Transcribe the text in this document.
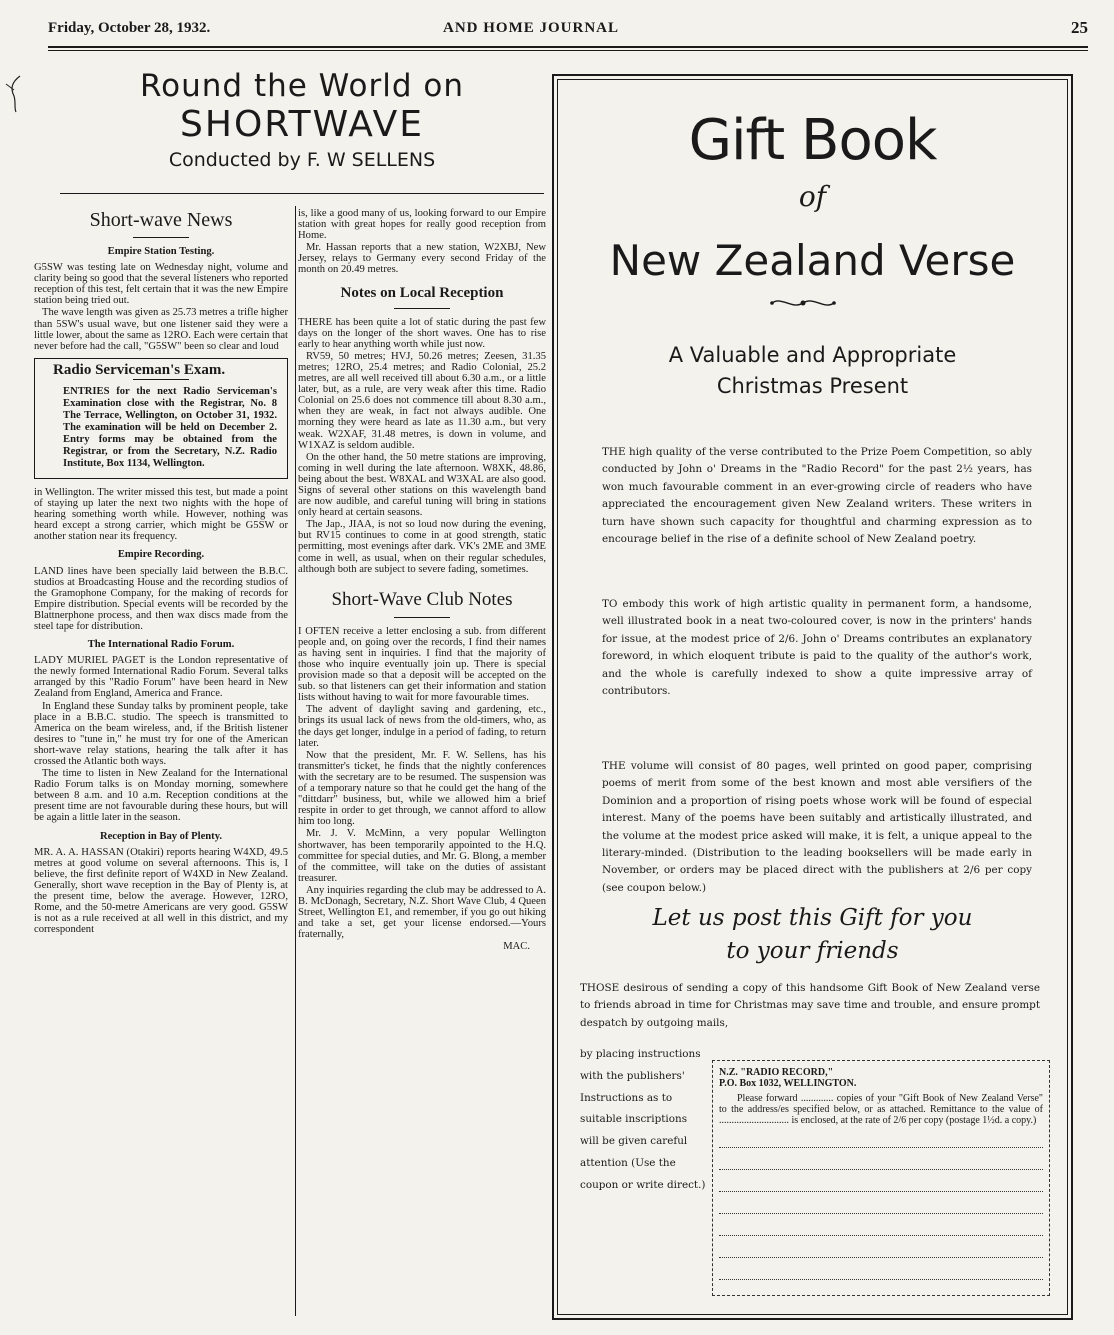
Friday, October 28, 1932.	AND HOME JOURNAL	25
Round the World on
SHORTWAVE
Conducted by F. W SELLENS
Short-wave News
Empire Station Testing.

G5SW was testing late on Wednesday night, volume and clarity being so good that the several listeners who reported reception of this test, felt certain that it was the new Empire station being tried out.

The wave length was given as 25.73 metres a trifle higher than 5SW's usual wave, but one listener said they were a little lower, about the same as 12RO. Each were certain that never before had the call, "G5SW" been so clear and loud

Radio Serviceman's Exam.
ENTRIES for the next Radio Serviceman's Examination close with the Registrar, No. 8 The Terrace, Wellington, on October 31, 1932. The examination will be held on December 2. Entry forms may be obtained from the Registrar, or from the Secretary, N.Z. Radio Institute, Box 1134, Wellington.

in Wellington. The writer missed this test, but made a point of staying up later the next two nights with the hope of hearing something worth while. However, nothing was heard except a strong carrier, which might be G5SW or another station near its frequency.

Empire Recording.

LAND lines have been specially laid between the B.B.C. studios at Broadcasting House and the recording studios of the Gramophone Company, for the making of records for Empire distribution. Special events will be recorded by the Blattnerphone process, and then wax discs made from the steel tape for distribution.

The International Radio Forum.

LADY MURIEL PAGET is the London representative of the newly formed International Radio Forum. Several talks arranged by this "Radio Forum" have been heard in New Zealand from England, America and France.

In England these Sunday talks by prominent people, take place in a B.B.C. studio. The speech is transmitted to America on the beam wireless, and, if the British listener desires to "tune in," he must try for one of the American short-wave relay stations, hearing the talk after it has crossed the Atlantic both ways.

The time to listen in New Zealand for the International Radio Forum talks is on Monday morning, somewhere between 8 a.m. and 10 a.m. Reception conditions at the present time are not favourable during these hours, but will be again a little later in the season.

Reception in Bay of Plenty.

MR. A. A. HASSAN (Otakiri) reports hearing W4XD, 49.5 metres at good volume on several afternoons. This is, I believe, the first definite report of W4XD in New Zealand. Generally, short wave reception in the Bay of Plenty is, at the present time, below the average. However, 12RO, Rome, and the 50-metre Americans are very good. G5SW is not as a rule received at all well in this district, and my correspondent

is, like a good many of us, looking forward to our Empire station with great hopes for really good reception from Home.

Mr. Hassan reports that a new station, W2XBJ, New Jersey, relays to Germany every second Friday of the month on 20.49 metres.

Notes on Local Reception

THERE has been quite a lot of static during the past few days on the longer of the short waves. One has to rise early to hear anything worth while just now.

RV59, 50 metres; HVJ, 50.26 metres; Zeesen, 31.35 metres; 12RO, 25.4 metres; and Radio Colonial, 25.2 metres, are all well received till about 6.30 a.m., or a little later, but, as a rule, are very weak after this time. Radio Colonial on 25.6 does not commence till about 8.30 a.m., when they are weak, in fact not always audible. One morning they were heard as late as 11.30 a.m., but very weak. W2XAF, 31.48 metres, is down in volume, and W1XAZ is seldom audible.

On the other hand, the 50 metre stations are improving, coming in well during the late afternoon. W8XK, 48.86, being about the best. W8XAL and W3XAL are also good. Signs of several other stations on this wavelength band are now audible, and careful tuning will bring in stations only heard at certain seasons.

The Jap., JIAA, is not so loud now during the evening, but RV15 continues to come in at good strength, static permitting, most evenings after dark. VK's 2ME and 3ME come in well, as usual, when on their regular schedules, although both are subject to severe fading, sometimes.

Short-Wave Club Notes

I OFTEN receive a letter enclosing a sub. from different people and, on going over the records, I find their names as having sent in inquiries. I find that the majority of those who inquire eventually join up. There is special provision made so that a deposit will be accepted on the sub. so that listeners can get their information and station lists without having to wait for more favourable times.

The advent of daylight saving and gardening, etc., brings its usual lack of news from the old-timers, who, as the days get longer, indulge in a period of fading, to return later.

Now that the president, Mr. F. W. Sellens, has his transmitter's ticket, he finds that the nightly conferences with the secretary are to be resumed. The suspension was of a temporary nature so that he could get the hang of the "dittdarr" business, but, while we allowed him a brief respite in order to get through, we cannot afford to allow him too long.

Mr. J. V. McMinn, a very popular Wellington shortwaver, has been temporarily appointed to the H.Q. committee for special duties, and Mr. G. Blong, a member of the committee, will take on the duties of assistant treasurer.

Any inquiries regarding the club may be addressed to A. B. McDonagh, Secretary, N.Z. Short Wave Club, 4 Queen Street, Wellington E1, and remember, if you go out hiking and take a set, get your license endorsed.—Yours fraternally,

MAC.

Gift Book
of
New Zealand Verse
A Valuable and Appropriate
Christmas Present
THE high quality of the verse contributed to the Prize Poem Competition, so ably conducted by John o' Dreams in the "Radio Record" for the past 2½ years, has won much favourable comment in an ever-growing circle of readers who have appreciated the encouragement given New Zealand writers. These writers in turn have shown such capacity for thoughtful and charming expression as to encourage belief in the rise of a definite school of New Zealand poetry.
TO embody this work of high artistic quality in permanent form, a handsome, well illustrated book in a neat two-coloured cover, is now in the printers' hands for issue, at the modest price of 2/6. John o' Dreams contributes an explanatory foreword, in which eloquent tribute is paid to the quality of the author's work, and the whole is carefully indexed to show a quite impressive array of contributors.
THE volume will consist of 80 pages, well printed on good paper, comprising poems of merit from some of the best known and most able versifiers of the Dominion and a proportion of rising poets whose work will be found of especial interest. Many of the poems have been suitably and artistically illustrated, and the volume at the modest price asked will make, it is felt, a unique appeal to the literary-minded. (Distribution to the leading booksellers will be made early in November, or orders may be placed direct with the publishers at 2/6 per copy (see coupon below.)
Let us post this Gift for you
to your friends
THOSE desirous of sending a copy of this handsome Gift Book of New Zealand verse to friends abroad in time for Christmas may save time and trouble, and ensure prompt despatch by outgoing mails,
by placing instructions with the publishers' Instructions as to suitable inscriptions will be given careful attention (Use the coupon or write direct.)
N.Z. "RADIO RECORD,"
P.O. Box 1032, WELLINGTON.
Please forward ............. copies of your "Gift Book of New Zealand Verse" to the address/es specified below, or as attached. Remittance to the value of ............................ is enclosed, at the rate of 2/6 per copy (postage 1½d. a copy.)
